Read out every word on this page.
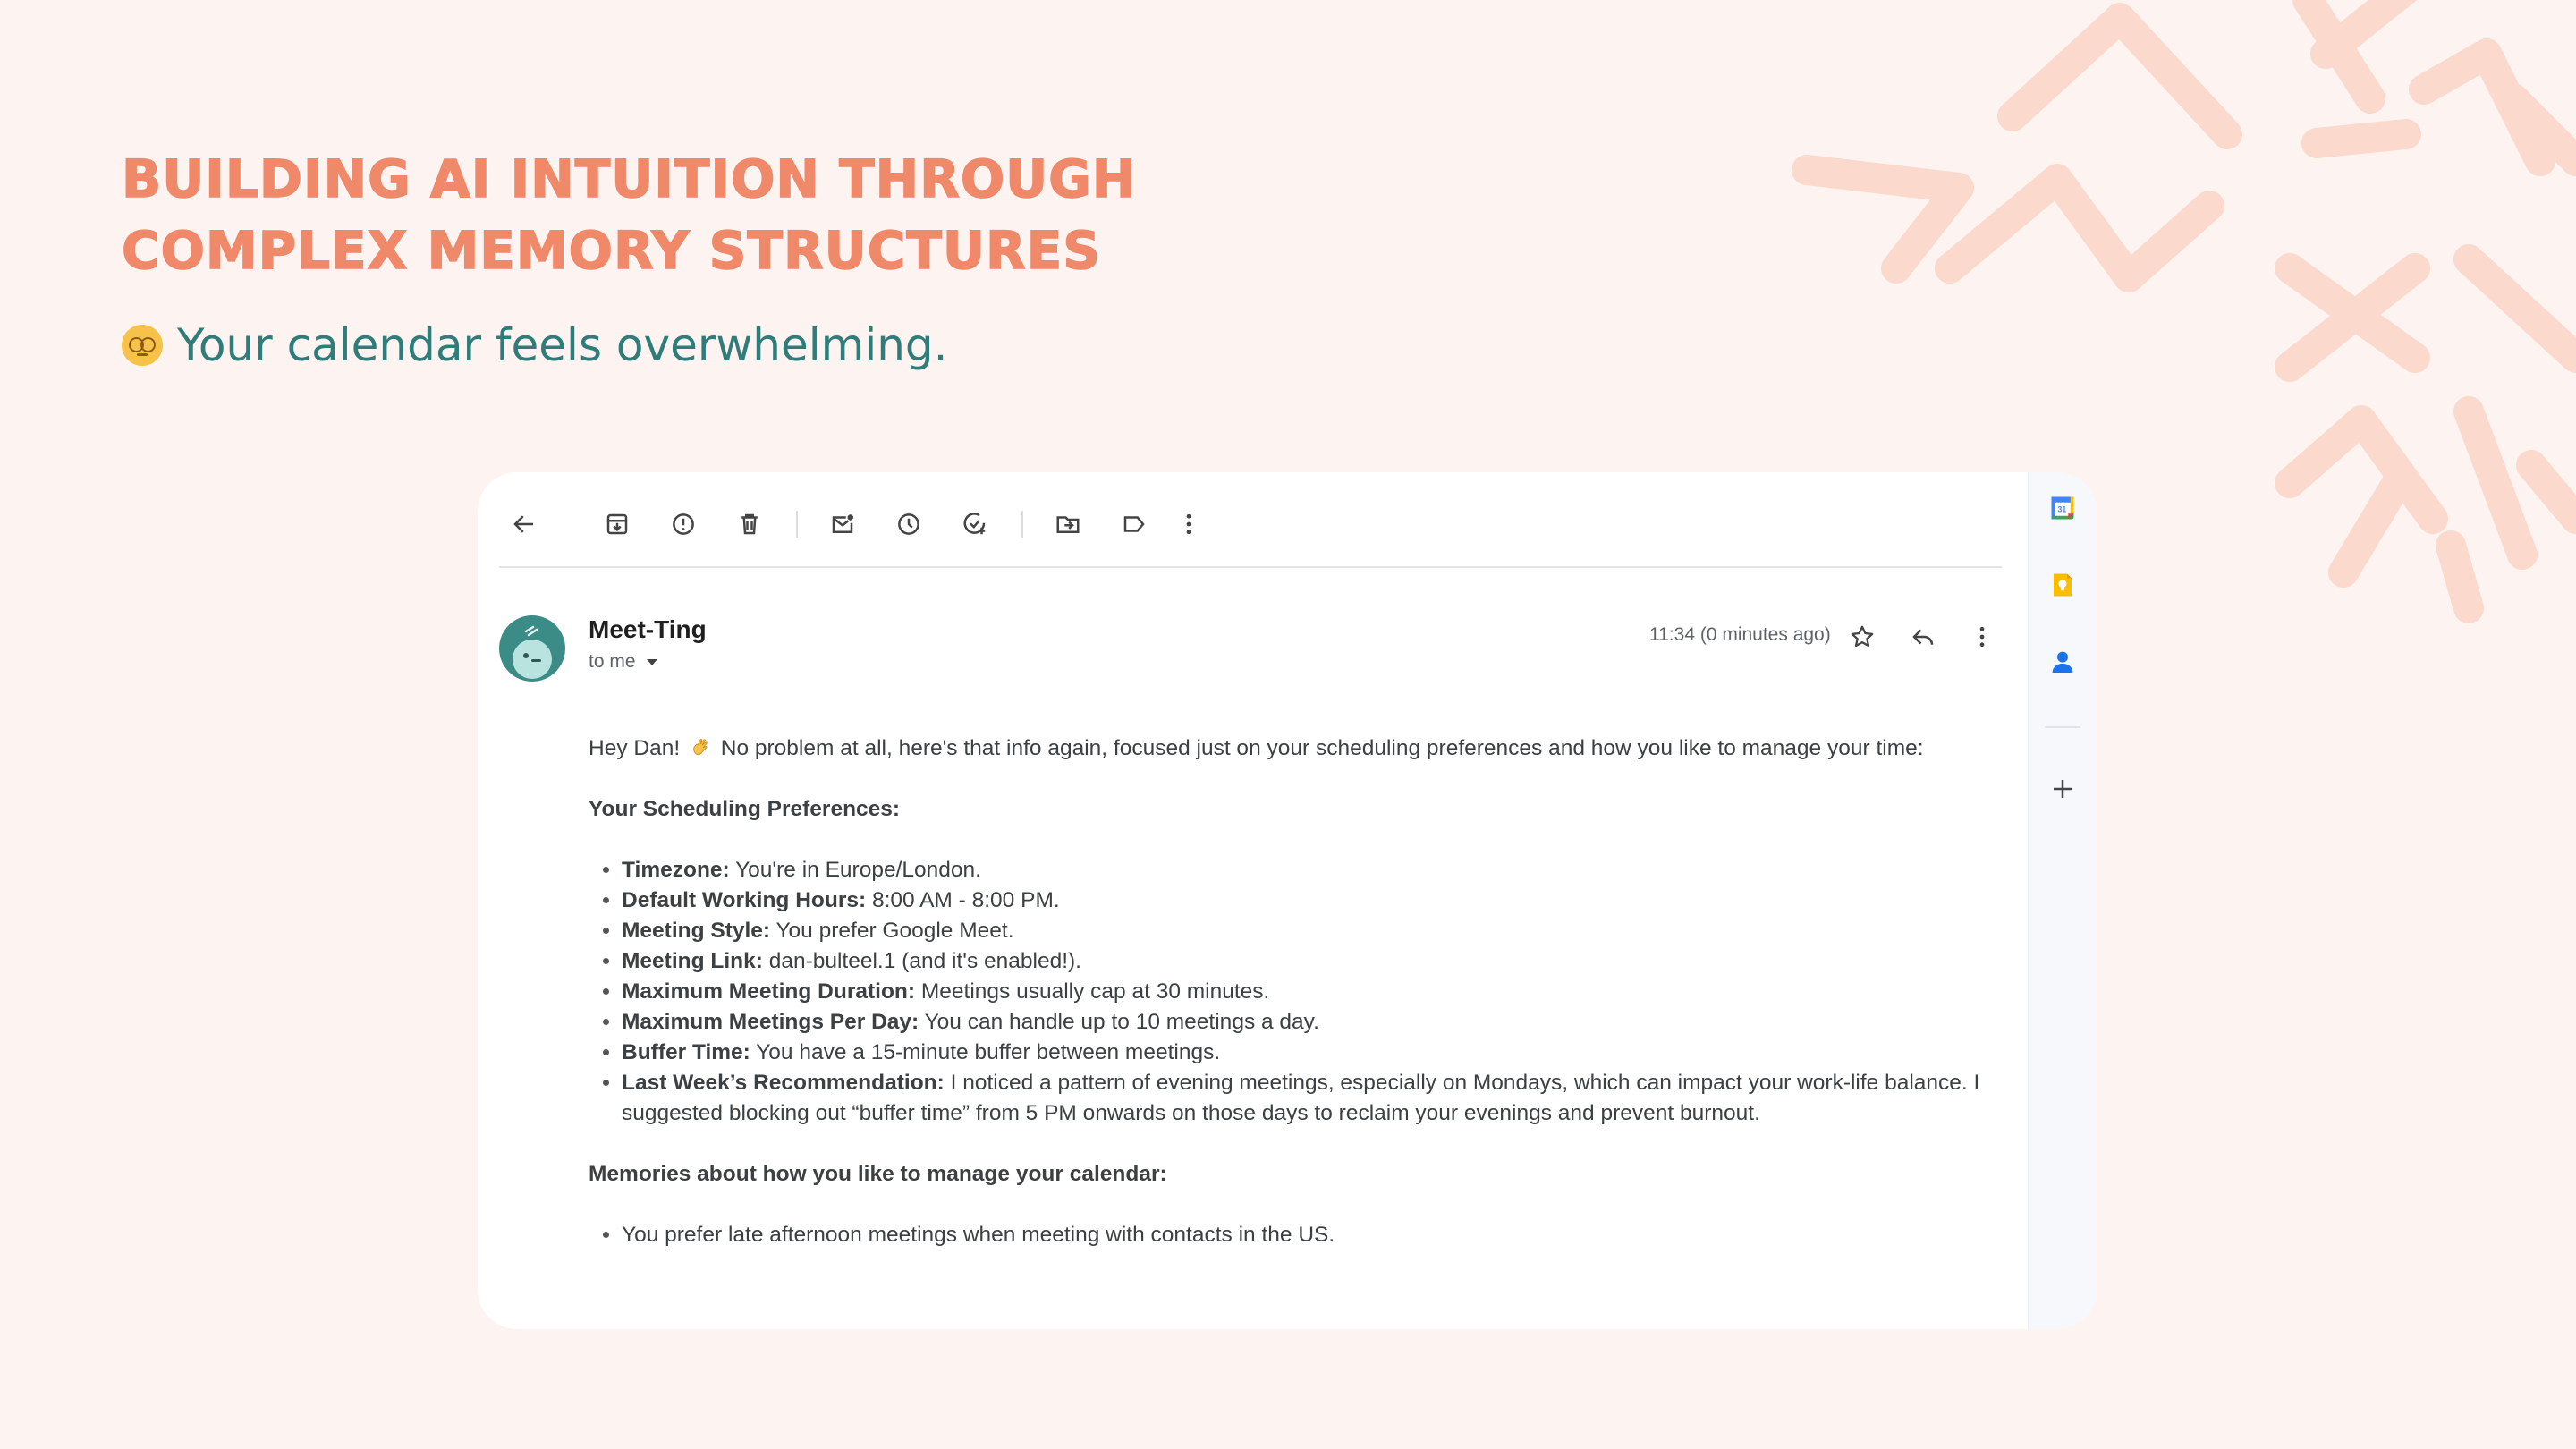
BUILDING AI INTUITION THROUGH
COMPLEX MEMORY STRUCTURES
Your calendar feels overwhelming.
Meet-Ting
to me
11:34 (0 minutes ago)

Hey Dan! No problem at all, here's that info again, focused just on your scheduling preferences and how you like to manage your time:

Your Scheduling Preferences:
• Timezone: You're in Europe/London.
• Default Working Hours: 8:00 AM - 8:00 PM.
• Meeting Style: You prefer Google Meet.
• Meeting Link: dan-bulteel.1 (and it's enabled!).
• Maximum Meeting Duration: Meetings usually cap at 30 minutes.
• Maximum Meetings Per Day: You can handle up to 10 meetings a day.
• Buffer Time: You have a 15-minute buffer between meetings.
• Last Week’s Recommendation: I noticed a pattern of evening meetings, especially on Mondays, which can impact your work-life balance. I suggested blocking out “buffer time” from 5 PM onwards on those days to reclaim your evenings and prevent burnout.
Memories about how you like to manage your calendar:
• You prefer late afternoon meetings when meeting with contacts in the US.
31
